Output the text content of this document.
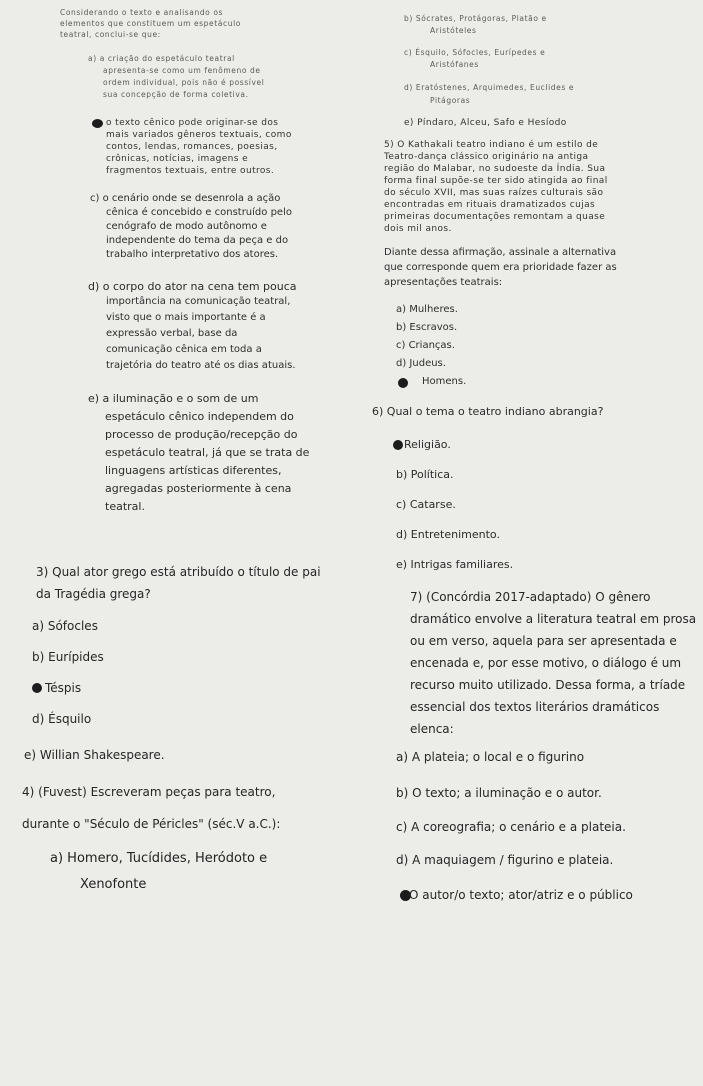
Considerando o texto e analisando os
elementos que constituem um espetáculo
teatral, conclui-se que:
a) a criação do espetáculo teatral
apresenta-se como um fenômeno de
ordem individual, pois não é possível
sua concepção de forma coletiva.
o texto cênico pode originar-se dos
mais variados gêneros textuais, como
contos, lendas, romances, poesias,
crônicas, notícias, imagens e
fragmentos textuais, entre outros.
c) o cenário onde se desenrola a ação
cênica é concebido e construído pelo
cenógrafo de modo autônomo e
independente do tema da peça e do
trabalho interpretativo dos atores.
d) o corpo do ator na cena tem pouca
importância na comunicação teatral,
visto que o mais importante é a
expressão verbal, base da
comunicação cênica em toda a
trajetória do teatro até os dias atuais.
e) a iluminação e o som de um
espetáculo cênico independem do
processo de produção/recepção do
espetáculo teatral, já que se trata de
linguagens artísticas diferentes,
agregadas posteriormente à cena
teatral.
3) Qual ator grego está atribuído o título de pai
da Tragédia grega?
a) Sófocles
b) Eurípides
Téspis
d) Ésquilo
e) Willian Shakespeare.
4) (Fuvest) Escreveram peças para teatro,
durante o "Século de Péricles" (séc.V a.C.):
a) Homero, Tucídides, Heródoto e
Xenofonte
b) Sócrates, Protágoras, Platão e
Aristóteles
c) Ésquilo, Sófocles, Eurípedes e
Aristófanes
d) Eratóstenes, Arquimedes, Euclides e
Pitágoras
e) Píndaro, Alceu, Safo e Hesíodo
5) O Kathakali teatro indiano é um estilo de
Teatro-dança clássico originário na antiga
região do Malabar, no sudoeste da Índia. Sua
forma final supõe-se ter sido atingida ao final
do século XVII, mas suas raízes culturais são
encontradas em rituais dramatizados cujas
primeiras documentações remontam a quase
dois mil anos.
Diante dessa afirmação, assinale a alternativa
que corresponde quem era prioridade fazer as
apresentações teatrais:
a) Mulheres.
b) Escravos.
c) Crianças.
d) Judeus.
Homens.
6) Qual o tema o teatro indiano abrangia?
Religião.
b) Política.
c) Catarse.
d) Entretenimento.
e) Intrigas familiares.
7) (Concórdia 2017-adaptado) O gênero
dramático envolve a literatura teatral em prosa
ou em verso, aquela para ser apresentada e
encenada e, por esse motivo, o diálogo é um
recurso muito utilizado. Dessa forma, a tríade
essencial dos textos literários dramáticos
elenca:
a) A plateia; o local e o figurino
b) O texto; a iluminação e o autor.
c) A coreografia; o cenário e a plateia.
d) A maquiagem / figurino e plateia.
O autor/o texto; ator/atriz e o público
